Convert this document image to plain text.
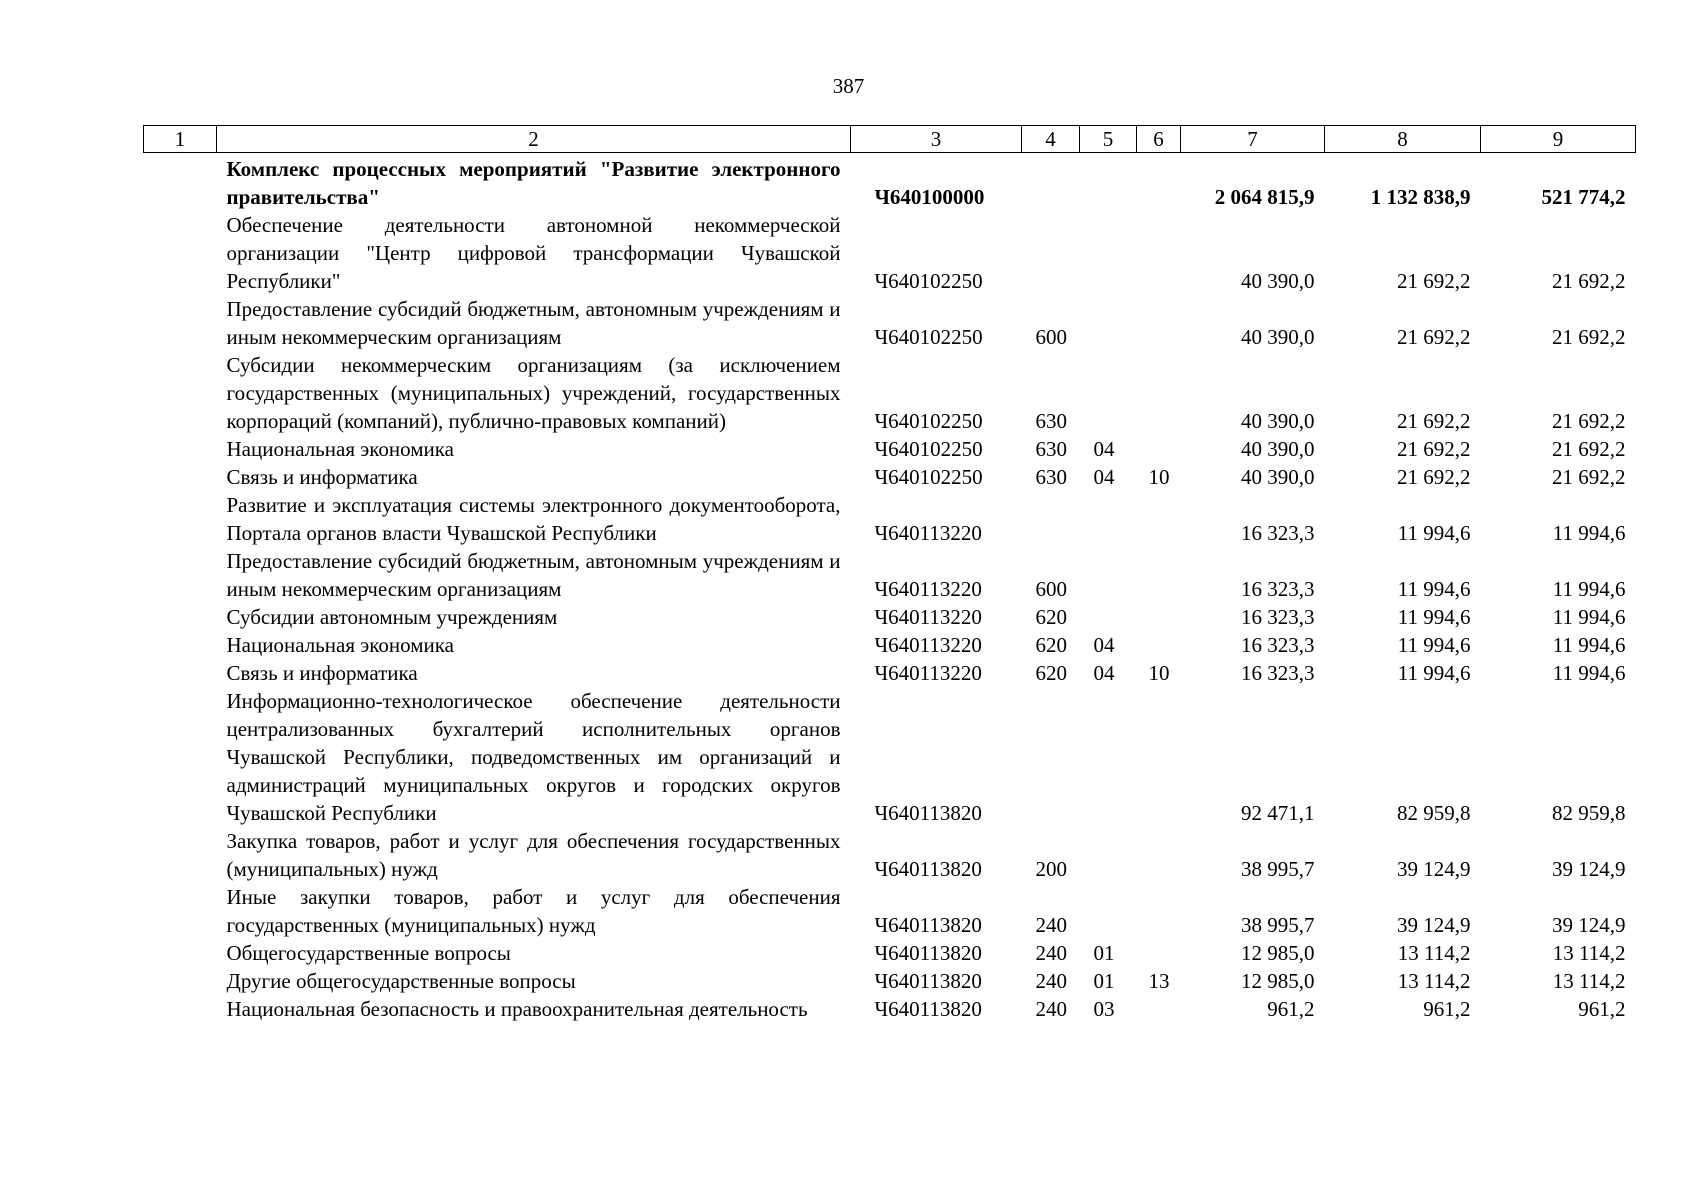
387
1	2	3	4	5	6	7	8	9
	Комплекс процессных мероприятий "Развитие электронного правительства"	Ч640100000				2 064 815,9	1 132 838,9	521 774,2
	Обеспечение деятельности автономной некоммерческой организации "Центр цифровой трансформации Чувашской Республики"	Ч640102250				40 390,0	21 692,2	21 692,2
	Предоставление субсидий бюджетным, автономным учреждениям и иным некоммерческим организациям	Ч640102250	600			40 390,0	21 692,2	21 692,2
	Субсидии некоммерческим организациям (за исключением государственных (муниципальных) учреждений, государственных корпораций (компаний), публично-правовых компаний)	Ч640102250	630			40 390,0	21 692,2	21 692,2
	Национальная экономика	Ч640102250	630	04		40 390,0	21 692,2	21 692,2
	Связь и информатика	Ч640102250	630	04	10	40 390,0	21 692,2	21 692,2
	Развитие и эксплуатация системы электронного документооборота, Портала органов власти Чувашской Республики	Ч640113220				16 323,3	11 994,6	11 994,6
	Предоставление субсидий бюджетным, автономным учреждениям и иным некоммерческим организациям	Ч640113220	600			16 323,3	11 994,6	11 994,6
	Субсидии автономным учреждениям	Ч640113220	620			16 323,3	11 994,6	11 994,6
	Национальная экономика	Ч640113220	620	04		16 323,3	11 994,6	11 994,6
	Связь и информатика	Ч640113220	620	04	10	16 323,3	11 994,6	11 994,6
	Информационно-технологическое обеспечение деятельности централизованных бухгалтерий исполнительных органов Чувашской Республики, подведомственных им организаций и администраций муниципальных округов и городских округов Чувашской Республики	Ч640113820				92 471,1	82 959,8	82 959,8
	Закупка товаров, работ и услуг для обеспечения государственных (муниципальных) нужд	Ч640113820	200			38 995,7	39 124,9	39 124,9
	Иные закупки товаров, работ и услуг для обеспечения государственных (муниципальных) нужд	Ч640113820	240			38 995,7	39 124,9	39 124,9
	Общегосударственные вопросы	Ч640113820	240	01		12 985,0	13 114,2	13 114,2
	Другие общегосударственные вопросы	Ч640113820	240	01	13	12 985,0	13 114,2	13 114,2
	Национальная безопасность и правоохранительная деятельность	Ч640113820	240	03		961,2	961,2	961,2
